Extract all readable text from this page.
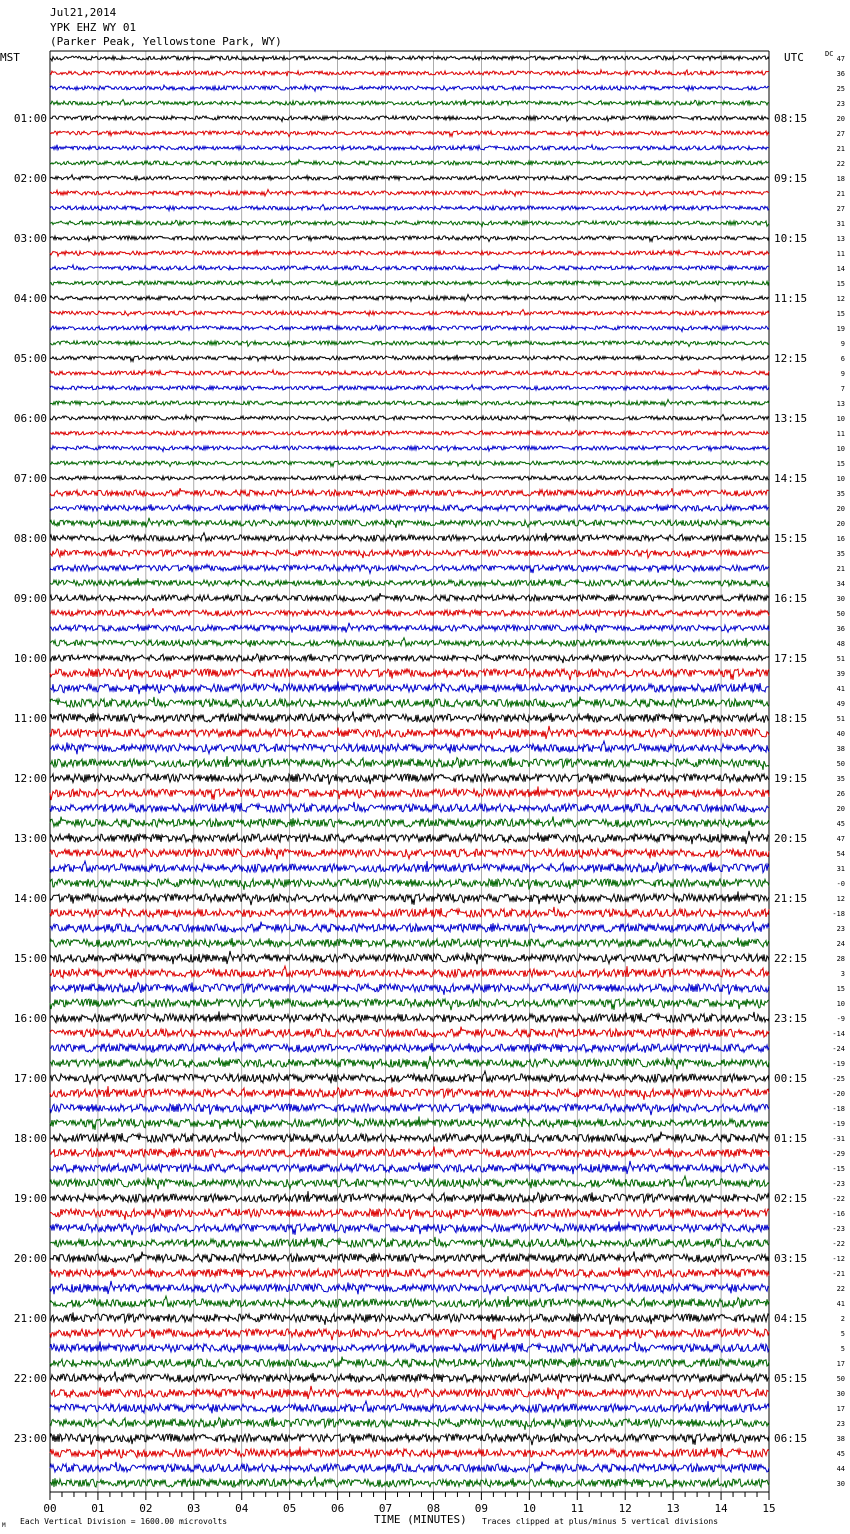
Jul21,2014
YPK EHZ WY 01
(Parker Peak, Yellowstone Park, WY)
MST	UTC	DC
01:00
02:00
03:00
04:00
05:00
06:00
07:00
08:00
09:00
10:00
11:00
12:00
13:00
14:00
15:00
16:00
17:00
18:00
19:00
20:00
21:00
22:00
23:00
08:15
09:15
10:15
11:15
12:15
13:15
14:15
15:15
16:15
17:15
18:15
19:15
20:15
21:15
22:15
23:15
00:15
01:15
02:15
03:15
04:15
05:15
06:15
47
36
25
23
20
27
21
22
18
21
27
31
13
11
14
15
12
15
19
9
6
9
7
13
10
11
10
15
10
35
20
20
16
35
21
34
30
50
36
48
51
39
41
49
51
40
38
50
35
26
20
45
47
54
31
-0
12
-18
23
24
28
3
15
10
-9
-14
-24
-19
-25
-20
-18
-19
-31
-29
-15
-23
-22
-16
-23
-22
-12
-21
22
41
2
5
5
17
50
30
17
23
38
45
44
30
00	01	02	03	04	05	06	07	08	09	10	11	12	13	14	15
M Each Vertical Division = 1600.00 microvolts	TIME (MINUTES) Traces clipped at plus/minus 5 vertical divisions
